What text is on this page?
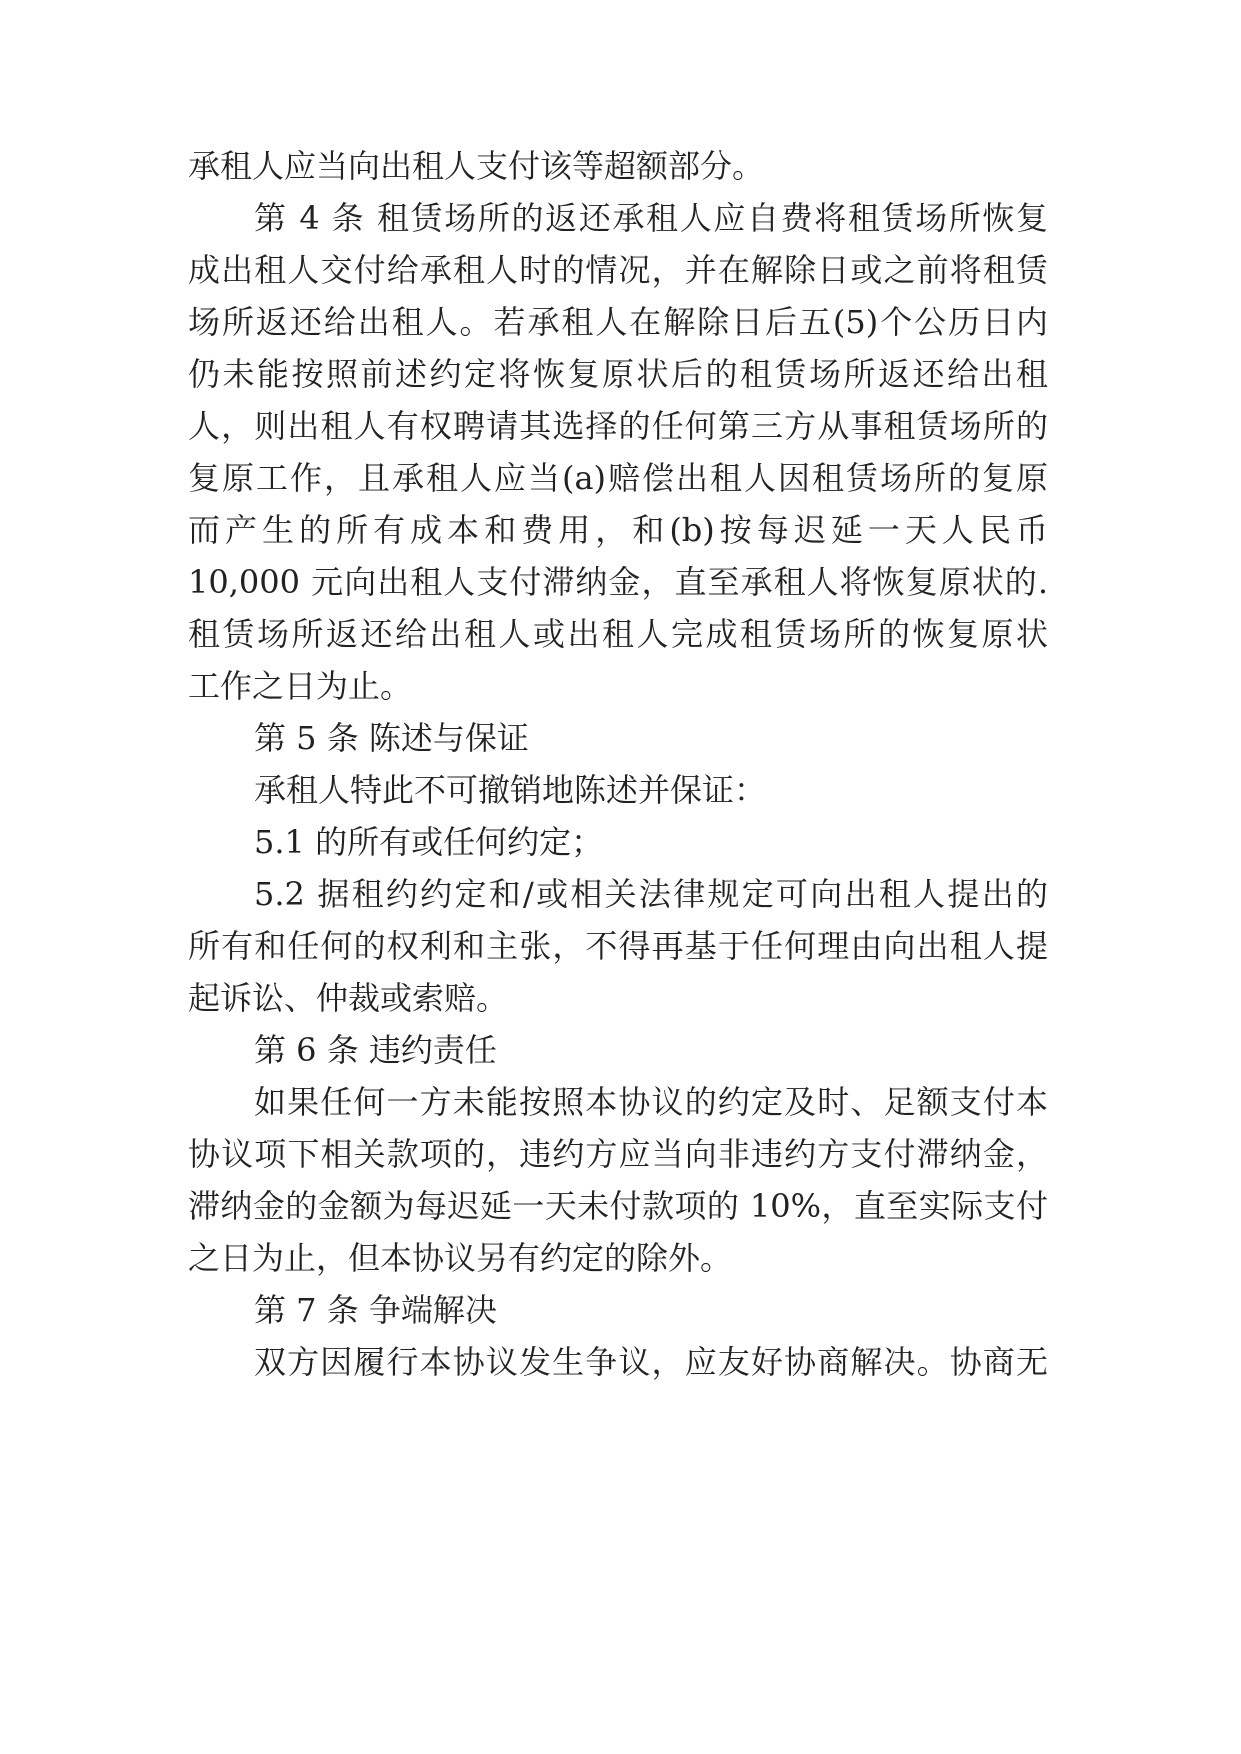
承租人应当向出租人支付该等超额部分。
第 4 条 租赁场所的返还承租人应自费将租赁场所恢复
成出租人交付给承租人时的情况，并在解除日或之前将租赁
场所返还给出租人。若承租人在解除日后五(5)个公历日内
仍未能按照前述约定将恢复原状后的租赁场所返还给出租
人，则出租人有权聘请其选择的任何第三方从事租赁场所的
复原工作，且承租人应当(a)赔偿出租人因租赁场所的复原
而产生的所有成本和费用，和(b)按每迟延一天人民币
10,000 元向出租人支付滞纳金，直至承租人将恢复原状的.
租赁场所返还给出租人或出租人完成租赁场所的恢复原状
工作之日为止。
第 5 条 陈述与保证
承租人特此不可撤销地陈述并保证：
5.1 的所有或任何约定；
5.2 据租约约定和/或相关法律规定可向出租人提出的
所有和任何的权利和主张，不得再基于任何理由向出租人提
起诉讼、仲裁或索赔。
第 6 条 违约责任
如果任何一方未能按照本协议的约定及时、足额支付本
协议项下相关款项的，违约方应当向非违约方支付滞纳金，
滞纳金的金额为每迟延一天未付款项的 10%，直至实际支付
之日为止，但本协议另有约定的除外。
第 7 条 争端解决
双方因履行本协议发生争议，应友好协商解决。协商无
